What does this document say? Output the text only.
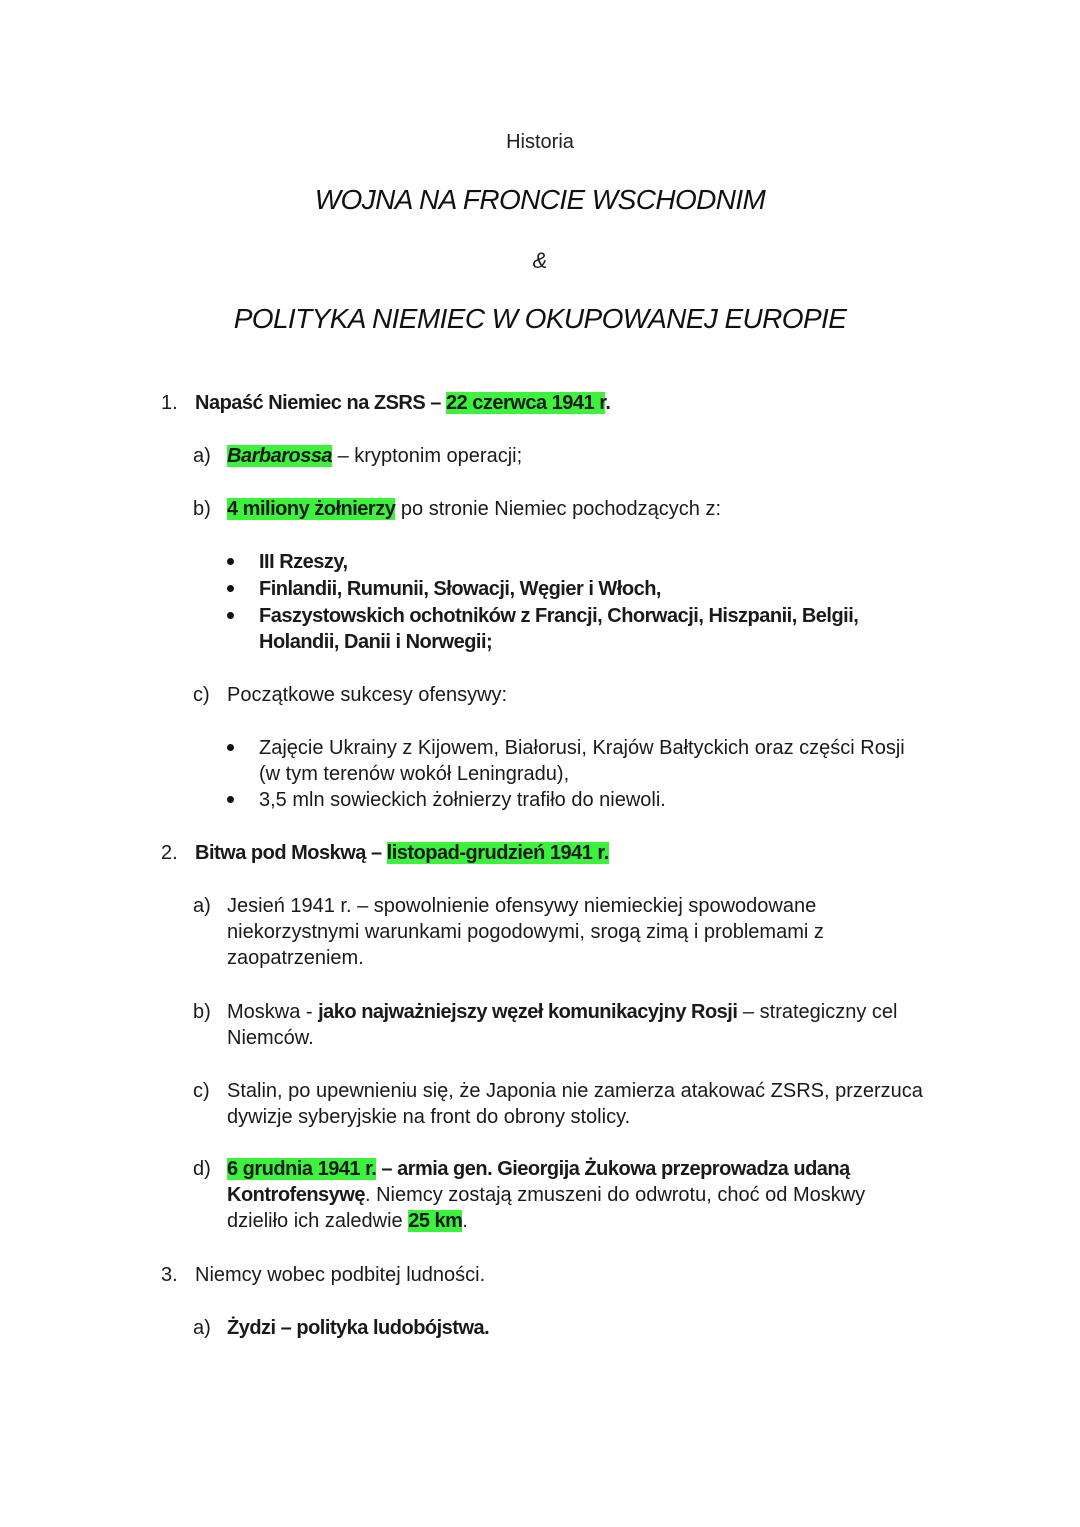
Historia
WOJNA NA FRONCIE WSCHODNIM
&
POLITYKA NIEMIEC W OKUPOWANEJ EUROPIE
1. Napaść Niemiec na ZSRS – 22 czerwca 1941 r.
a) Barbarossa – kryptonim operacji;
b) 4 miliony żołnierzy po stronie Niemiec pochodzących z:
III Rzeszy,
Finlandii, Rumunii, Słowacji, Węgier i Włoch,
Faszystowskich ochotników z Francji, Chorwacji, Hiszpanii, Belgii,
Holandii, Danii i Norwegii;
c) Początkowe sukcesy ofensywy:
Zajęcie Ukrainy z Kijowem, Białorusi, Krajów Bałtyckich oraz części Rosji
(w tym terenów wokół Leningradu),
3,5 mln sowieckich żołnierzy trafiło do niewoli.
2. Bitwa pod Moskwą – listopad-grudzień 1941 r.
a) Jesień 1941 r. – spowolnienie ofensywy niemieckiej spowodowane
niekorzystnymi warunkami pogodowymi, srogą zimą i problemami z
zaopatrzeniem.
b) Moskwa - jako najważniejszy węzeł komunikacyjny Rosji – strategiczny cel
Niemców.
c) Stalin, po upewnieniu się, że Japonia nie zamierza atakować ZSRS, przerzuca
dywizje syberyjskie na front do obrony stolicy.
d) 6 grudnia 1941 r. – armia gen. Gieorgija Żukowa przeprowadza udaną
Kontrofensywę. Niemcy zostają zmuszeni do odwrotu, choć od Moskwy
dzieliło ich zaledwie 25 km.
3. Niemcy wobec podbitej ludności.
a) Żydzi – polityka ludobójstwa.
